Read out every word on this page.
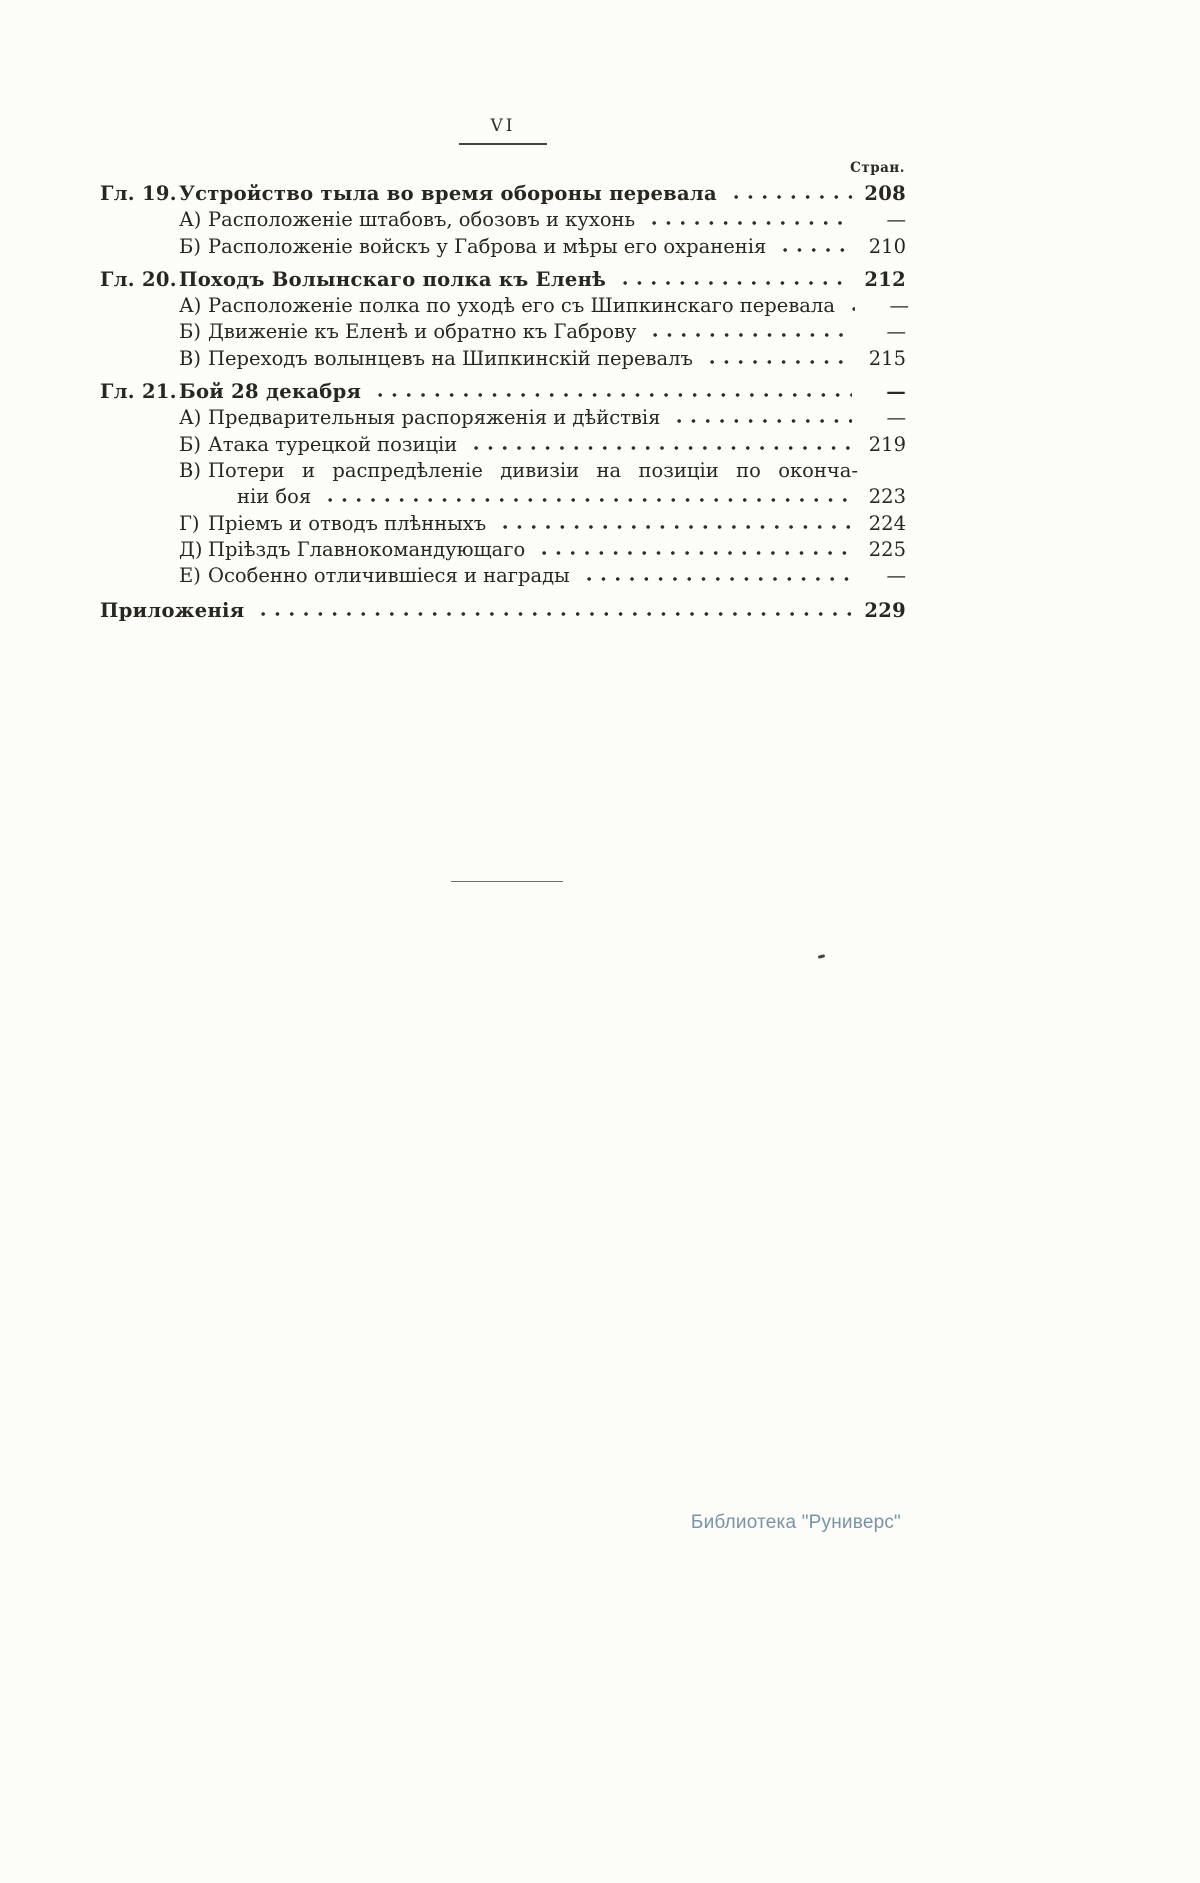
VI
Стран.
Гл. 19. Устройство тыла во время обороны перевала	208
А) Расположеніе штабовъ, обозовъ и кухонь	—
Б) Расположеніе войскъ у Габрова и мѣры его охраненія	210
Гл. 20. Походъ Волынскаго полка къ Еленѣ	212
А) Расположеніе полка по уходѣ его съ Шипкинскаго перевала	—
Б) Движеніе къ Еленѣ и обратно къ Габрову	—
В) Переходъ волынцевъ на Шипкинскій перевалъ	215
Гл. 21. Бой 28 декабря	—
А) Предварительныя распоряженія и дѣйствія	—
Б) Атака турецкой позиціи	219
В) Потери и распредѣленіе дивизіи на позиціи по оконча-
ніи боя	223
Г) Пріемъ и отводъ плѣнныхъ	224
Д) Пріѣздъ Главнокомандующаго	225
Е) Особенно отличившіеся и награды	—
Приложенія	229
Библиотека "Руниверс"
